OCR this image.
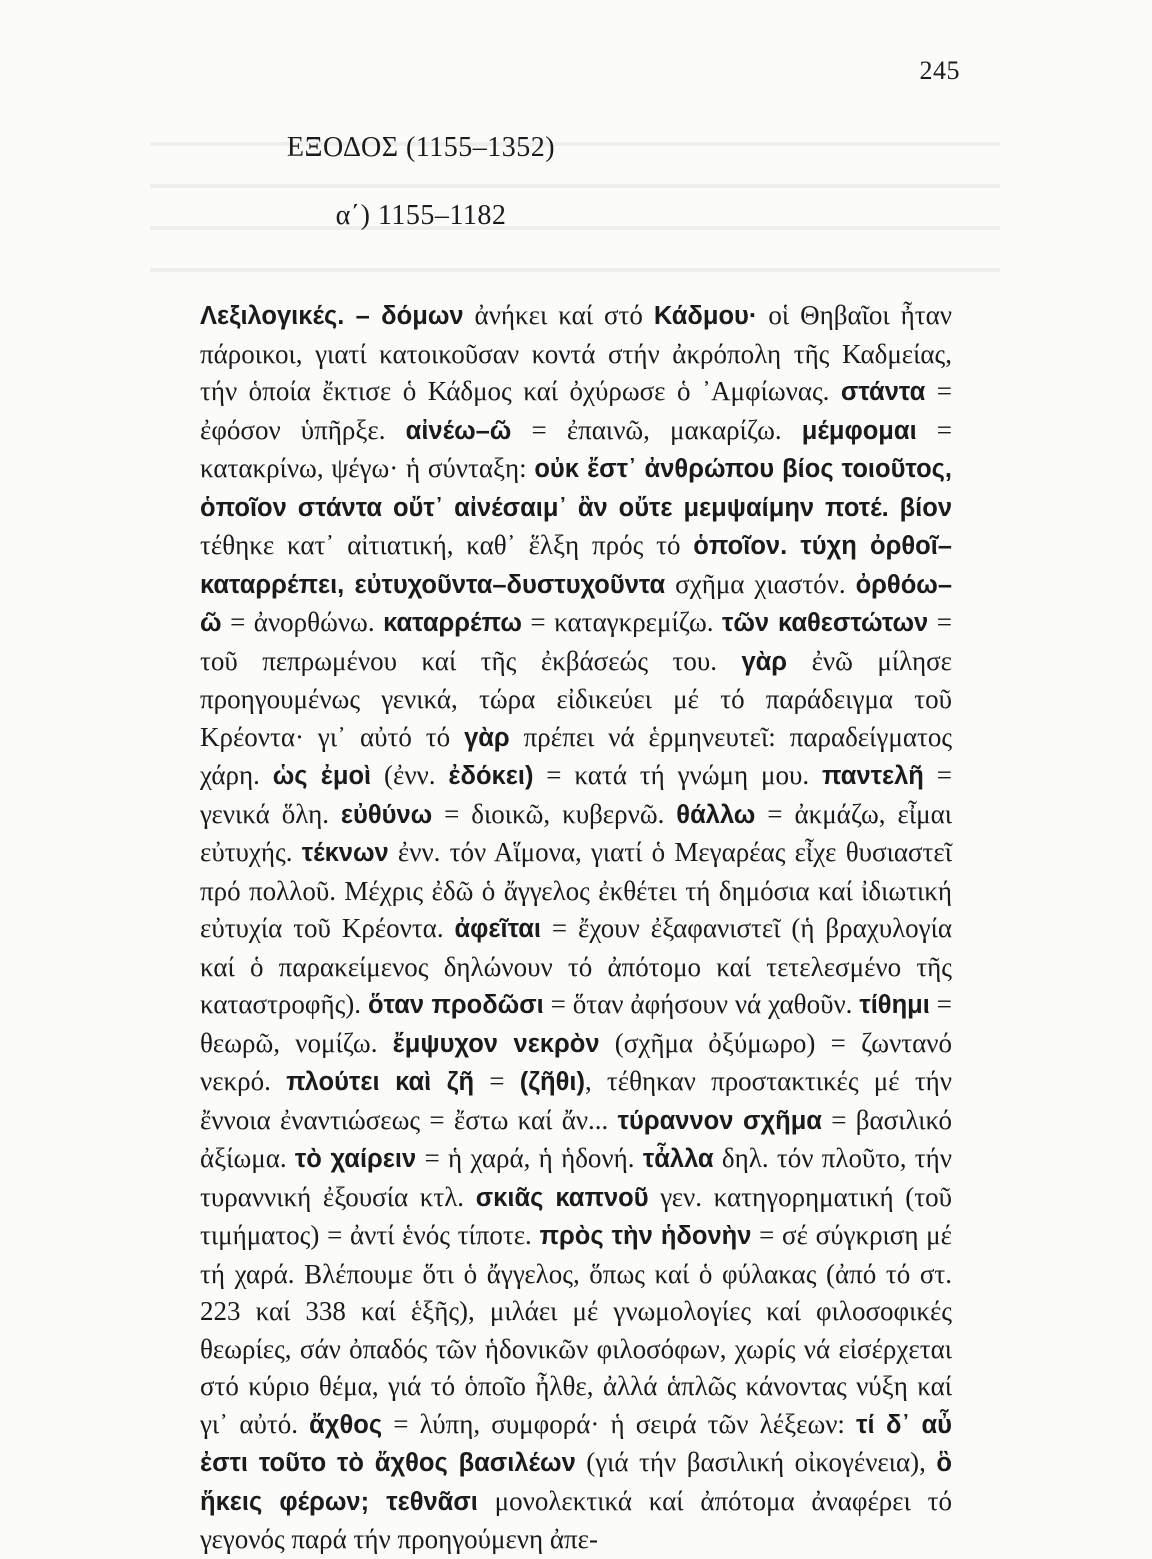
245
ΕΞΟΔΟΣ (1155–1352)
α΄) 1155–1182
Λεξιλογικές. – δόμων ἀνήκει καί στό Κάδμου· οἱ Θηβαῖοι ἦταν πάροικοι, γιατί κατοικοῦσαν κοντά στήν ἀκρόπολη τῆς Καδμείας, τήν ὁποία ἔκτισε ὁ Κάδμος καί ὀχύρωσε ὁ ᾿Αμφίωνας. στάντα = ἐφόσον ὑπῆρξε. αἰνέω–ῶ = ἐπαινῶ, μακαρίζω. μέμφομαι = κατακρίνω, ψέγω· ἡ σύνταξη: οὐκ ἔστ᾿ ἀνθρώπου βίος τοιοῦτος, ὁποῖον στάντα οὔτ᾿ αἰνέσαιμ᾿ ἂν οὔτε μεμψαίμην ποτέ. βίον τέθηκε κατ᾿ αἰτιατική, καθ᾿ ἕλξη πρός τό ὁποῖον. τύχη ὀρθοῖ–καταρρέπει, εὐτυχοῦντα–δυστυχοῦντα σχῆμα χιαστόν. ὀρθόω–ῶ = ἀνορθώνω. καταρρέπω = καταγκρεμίζω. τῶν καθεστώτων = τοῦ πεπρωμένου καί τῆς ἐκβάσεώς του. γὰρ ἐνῶ μίλησε προηγουμένως γενικά, τώρα εἰδικεύει μέ τό παράδειγμα τοῦ Κρέοντα· γι᾿ αὐτό τό γὰρ πρέπει νά ἑρμηνευτεῖ: παραδείγματος χάρη. ὡς ἐμοὶ (ἐνν. ἐδόκει) = κατά τή γνώμη μου. παντελῆ = γενικά ὅλη. εὐθύνω = διοικῶ, κυβερνῶ. θάλλω = ἀκμάζω, εἶμαι εὐτυχής. τέκνων ἐνν. τόν Αἵμονα, γιατί ὁ Μεγαρέας εἶχε θυσιαστεῖ πρό πολλοῦ. Μέχρις ἐδῶ ὁ ἄγγελος ἐκθέτει τή δημόσια καί ἰδιωτική εὐτυχία τοῦ Κρέοντα. ἀφεῖται = ἔχουν ἐξαφανιστεῖ (ἡ βραχυλογία καί ὁ παρακείμενος δηλώνουν τό ἀπότομο καί τετελεσμένο τῆς καταστροφῆς). ὅταν προδῶσι = ὅταν ἀφήσουν νά χαθοῦν. τίθημι = θεωρῶ, νομίζω. ἔμψυχον νεκρὸν (σχῆμα ὀξύμωρο) = ζωντανό νεκρό. πλούτει καὶ ζῆ = (ζῆθι), τέθηκαν προστακτικές μέ τήν ἔννοια ἐναντιώσεως = ἔστω καί ἄν... τύραννον σχῆμα = βασιλικό ἀξίωμα. τὸ χαίρειν = ἡ χαρά, ἡ ἡδονή. τἆλλα δηλ. τόν πλοῦτο, τήν τυραννική ἐξουσία κτλ. σκιᾶς καπνοῦ γεν. κατηγορηματική (τοῦ τιμήματος) = ἀντί ἑνός τίποτε. πρὸς τὴν ἡδονὴν = σέ σύγκριση μέ τή χαρά. Βλέπουμε ὅτι ὁ ἄγγελος, ὅπως καί ὁ φύλακας (ἀπό τό στ. 223 καί 338 καί ἑξῆς), μιλάει μέ γνωμολογίες καί φιλοσοφικές θεωρίες, σάν ὀπαδός τῶν ἡδονικῶν φιλοσόφων, χωρίς νά εἰσέρχεται στό κύριο θέμα, γιά τό ὁποῖο ἦλθε, ἀλλά ἁπλῶς κάνοντας νύξη καί γι᾿ αὐτό. ἄχθος = λύπη, συμφορά· ἡ σειρά τῶν λέξεων: τί δ᾿ αὖ ἐστι τοῦτο τὸ ἄχθος βασιλέων (γιά τήν βασιλική οἰκογένεια), ὃ ἥκεις φέρων; τεθνᾶσι μονολεκτικά καί ἀπότομα ἀναφέρει τό γεγονός παρά τήν προηγούμενη ἀπε-
